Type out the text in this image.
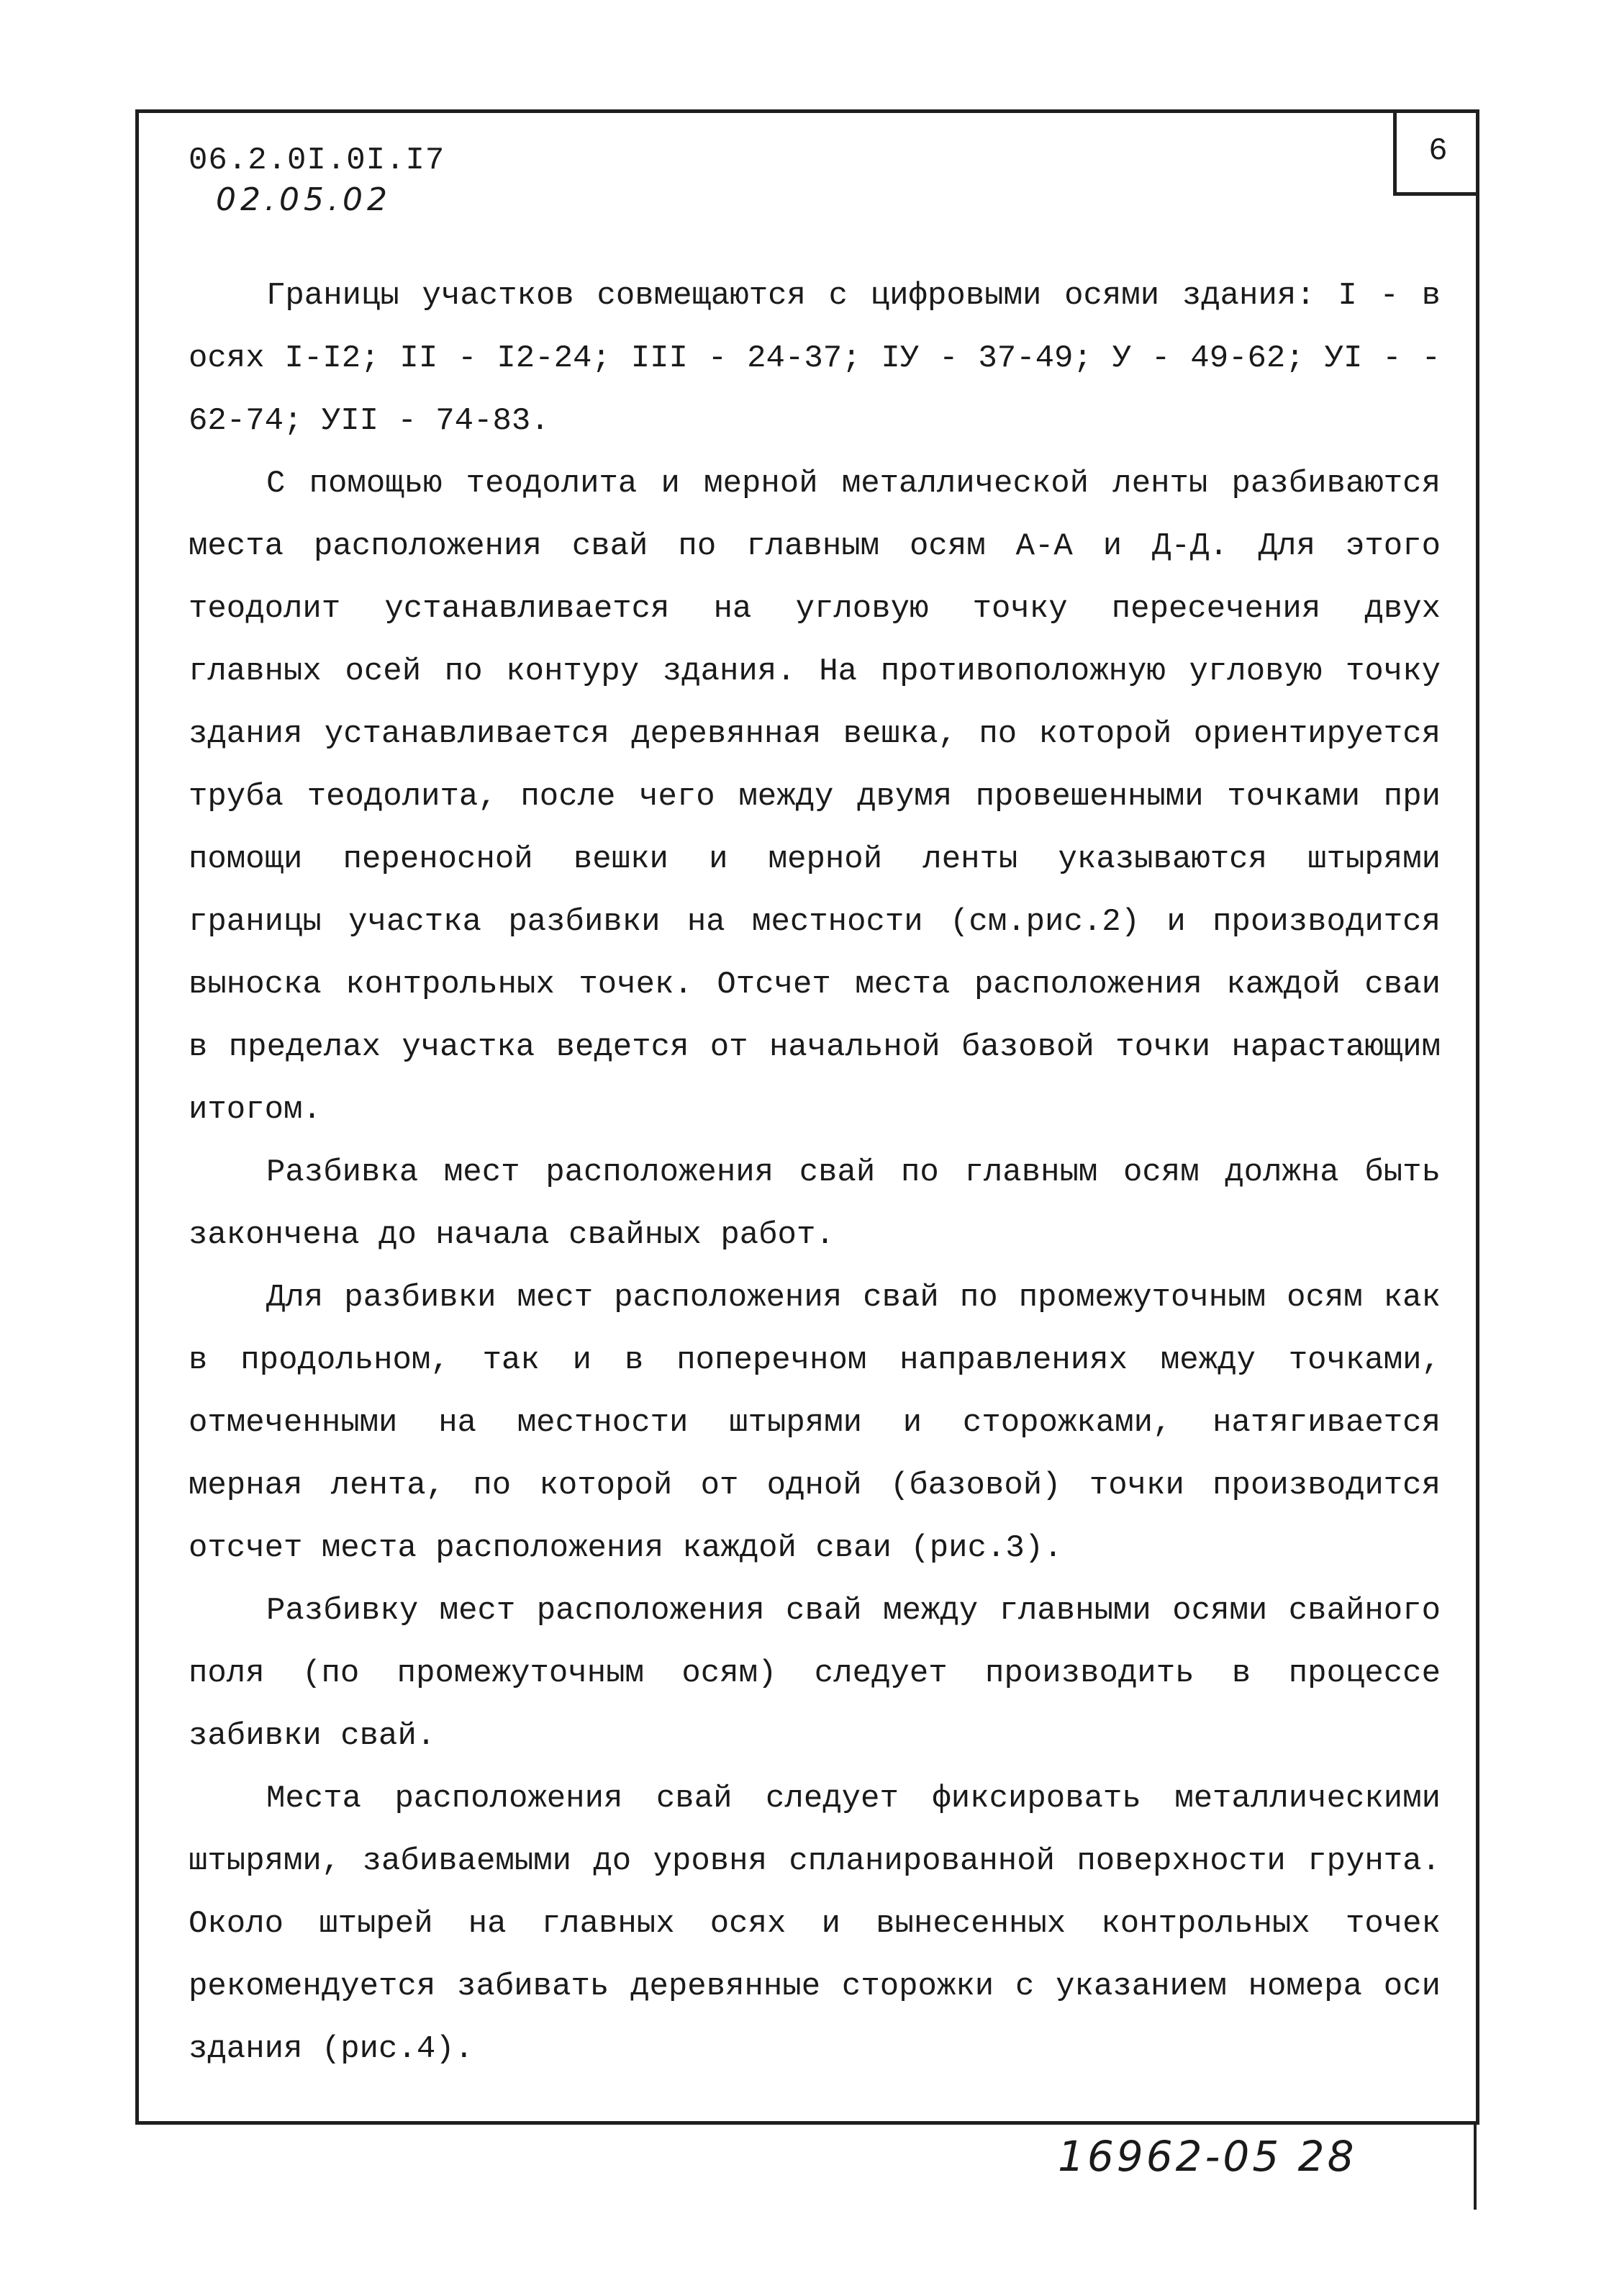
6
06.2.0I.0I.I7
02.05.02

Границы участков совмещаются с цифровыми осями здания: I - в осях I-I2; II - I2-24; III - 24-37; IУ - 37-49; У - 49-62; УI - - 62-74; УII - 74-83.

С помощью теодолита и мерной металлической ленты разбиваются места расположения свай по главным осям А-А и Д-Д. Для этого теодолит устанавливается на угловую точку пересечения двух главных осей по контуру здания. На противоположную угловую точку здания устанавливается деревянная вешка, по которой ориентируется труба теодолита, после чего между двумя провешенными точками при помощи переносной вешки и мерной ленты указываются штырями границы участка разбивки на местности (см.рис.2) и производится выноска контрольных точек. Отсчет места расположения каждой сваи в пределах участка ведется от начальной базовой точки нарастающим итогом.

Разбивка мест расположения свай по главным осям должна быть закончена до начала свайных работ.

Для разбивки мест расположения свай по промежуточным осям как в продольном, так и в поперечном направлениях между точками, отмеченными на местности штырями и сторожками, натягивается мерная лента, по которой от одной (базовой) точки производится отсчет места расположения каждой сваи (рис.3).

Разбивку мест расположения свай между главными осями свайного поля (по промежуточным осям) следует производить в процессе забивки свай.

Места расположения свай следует фиксировать металлическими штырями, забиваемыми до уровня спланированной поверхности грунта. Около штырей на главных осях и вынесенных контрольных точек рекомендуется забивать деревянные сторожки с указанием номера оси здания (рис.4).

16962-05 28
